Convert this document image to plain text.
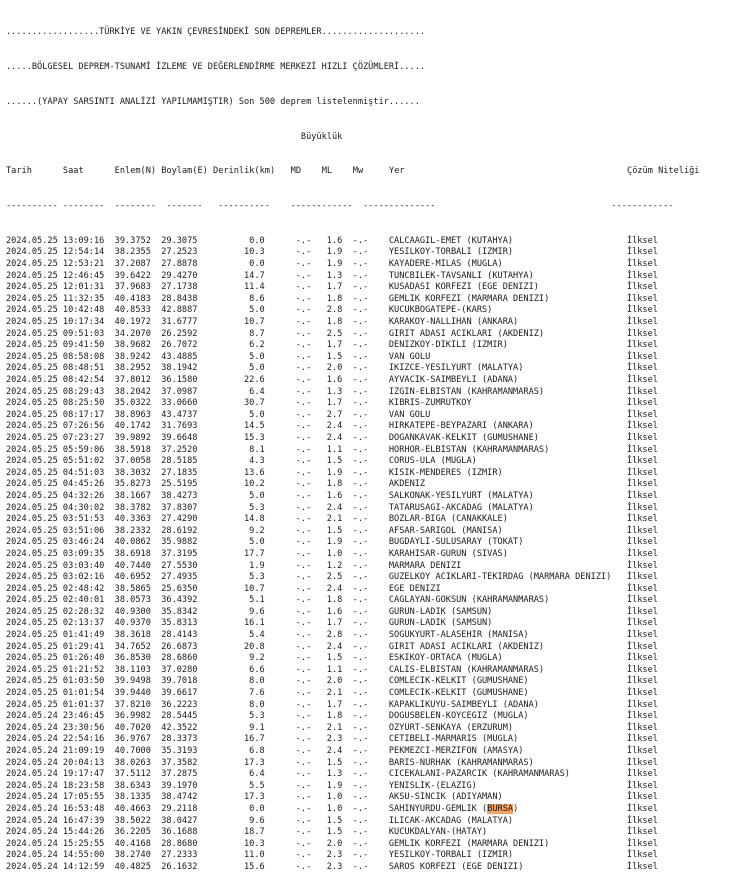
..................TÜRKİYE VE YAKIN ÇEVRESİNDEKİ SON DEPREMLER....................

.....BÖLGESEL DEPREM-TSUNAMİ İZLEME VE DEĞERLENDİRME MERKEZİ HIZLI ÇÖZÜMLERİ.....

......(YAPAY SARSINTI ANALİZİ YAPILMAMIŞTIR) Son 500 deprem listelenmiştir......

Büyüklük

Tarih	Saat	Enlem(N) Boylam(E) Derinlik(km) MD ML Mw	Yer	Çözüm Niteliği

---------- --------  --------  -------   ----------    ------------  --------------                                  ------------

2024.05.25 13:09:16  39.3752  29.3075          0.0      -.-   1.6  -.-    CALCAAGIL-EMET (KUTAHYA)	İlksel
2024.05.25 12:54:14  38.2355  27.2523         10.3      -.-   1.9  -.-    YESILKOY-TORBALI (IZMIR)	İlksel
2024.05.25 12:53:21  37.2087  27.8878          0.0      -.-   1.9  -.-    KAYADERE-MILAS (MUGLA)	İlksel
2024.05.25 12:46:45  39.6422  29.4270         14.7      -.-   1.3  -.-    TUNCBILEK-TAVSANLI (KUTAHYA)	İlksel
2024.05.25 12:01:31  37.9683  27.1738         11.4      -.-   1.7  -.-    KUSADASI KORFEZI (EGE DENIZI)	İlksel
2024.05.25 11:32:35  40.4183  28.8438          8.6      -.-   1.8  -.-    GEMLIK KORFEZI (MARMARA DENIZI)	İlksel
2024.05.25 10:42:48  40.8533  42.8887          5.0      -.-   2.8  -.-    KUCUKBOGATEPE-(KARS)	İlksel
2024.05.25 10:17:34  40.1972  31.6777         10.7      -.-   1.8  -.-    KARAKOY-NALLIHAN (ANKARA)	İlksel
2024.05.25 09:51:03  34.2070  26.2592          8.7      -.-   2.5  -.-    GIRIT ADASI ACIKLARI (AKDENIZ)	İlksel
2024.05.25 09:41:50  38.9682  26.7072          6.2      -.-   1.7  -.-    DENIZKOY-DIKILI (IZMIR)	İlksel
2024.05.25 08:58:08  38.9242  43.4885          5.0      -.-   1.5  -.-    VAN GOLU	İlksel
2024.05.25 08:48:51  38.2952  38.1942          5.0      -.-   2.0  -.-    IKIZCE-YESILYURT (MALATYA)	İlksel
2024.05.25 08:42:54  37.8012  36.1580         22.6      -.-   1.6  -.-    AYVACIK-SAIMBEYLI (ADANA)	İlksel
2024.05.25 08:29:43  38.2042  37.0987          6.4      -.-   1.3  -.-    IZGIN-ELBISTAN (KAHRAMANMARAS)	İlksel
2024.05.25 08:25:50  35.0322  33.0660         30.7      -.-   1.7  -.-    KIBRIS-ZUMRUTKOY	İlksel
2024.05.25 08:17:17  38.8963  43.4737          5.0      -.-   2.7  -.-    VAN GOLU	İlksel
2024.05.25 07:26:56  40.1742  31.7693         14.5      -.-   2.4  -.-    HIRKATEPE-BEYPAZARI (ANKARA)	İlksel
2024.05.25 07:23:27  39.9892  39.6648         15.3      -.-   2.4  -.-    DOGANKAVAK-KELKIT (GUMUSHANE)	İlksel
2024.05.25 05:59:06  38.5918  37.2520          8.1      -.-   1.1  -.-    HORHOR-ELBISTAN (KAHRAMANMARAS)	İlksel
2024.05.25 05:51:02  37.0058  28.5185          4.3      -.-   1.5  -.-    CORUS-ULA (MUGLA)	İlksel
2024.05.25 04:51:03  38.3032  27.1835         13.6      -.-   1.9  -.-    KISIK-MENDERES (IZMIR)	İlksel
2024.05.25 04:45:26  35.8273  25.5195         10.2      -.-   1.8  -.-    AKDENIZ	İlksel
2024.05.25 04:32:26  38.1667  38.4273          5.0      -.-   1.6  -.-    SALKONAK-YESILYURT (MALATYA)	İlksel
2024.05.25 04:30:02  38.3782  37.8307          5.3      -.-   2.4  -.-    TATARUSAGI-AKCADAG (MALATYA)	İlksel
2024.05.25 03:51:53  40.3363  27.4290         14.8      -.-   2.1  -.-    BOZLAR-BIGA (CANAKKALE)	İlksel
2024.05.25 03:51:06  38.2332  28.6192          9.2      -.-   1.5  -.-    AFSAR-SARIGOL (MANISA)	İlksel
2024.05.25 03:46:24  40.0862  35.9882          5.0      -.-   1.9  -.-    BUGDAYLI-SULUSARAY (TOKAT)	İlksel
2024.05.25 03:09:35  38.6918  37.3195         17.7      -.-   1.0  -.-    KARAHISAR-GURUN (SIVAS)	İlksel
2024.05.25 03:03:40  40.7440  27.5530          1.9      -.-   1.2  -.-    MARMARA DENIZI	İlksel
2024.05.25 03:02:16  40.6952  27.4935          5.3      -.-   2.5  -.-    GUZELKOY ACIKLARI-TEKIRDAG (MARMARA DENIZI) İlksel
2024.05.25 02:48:42  38.5865  25.6350         10.7      -.-   2.4  -.-    EGE DENIZI	İlksel
2024.05.25 02:40:01  38.0573  36.4392          5.1      -.-   1.8  -.-    CAGLAYAN-GOKSUN (KAHRAMANMARAS)	İlksel
2024.05.25 02:28:32  40.9300  35.8342          9.6      -.-   1.6  -.-    GURUN-LADIK (SAMSUN)	İlksel
2024.05.25 02:13:37  40.9370  35.8313         16.1      -.-   1.7  -.-    GURUN-LADIK (SAMSUN)	İlksel
2024.05.25 01:41:49  38.3618  28.4143          5.4      -.-   2.8  -.-    SOGUKYURT-ALASEHIR (MANISA)	İlksel
2024.05.25 01:29:41  34.7652  26.6873         20.8      -.-   2.4  -.-    GIRIT ADASI ACIKLARI (AKDENIZ)	İlksel
2024.05.25 01:26:40  36.8530  28.6860          9.2      -.-   1.5  -.-    ESKIKOY-ORTACA (MUGLA)	İlksel
2024.05.25 01:21:52  38.1103  37.0280          6.6      -.-   1.1  -.-    CALIS-ELBISTAN (KAHRAMANMARAS)	İlksel
2024.05.25 01:03:50  39.9498  39.7018          8.0      -.-   2.0  -.-    COMLECIK-KELKIT (GUMUSHANE)	İlksel
2024.05.25 01:01:54  39.9440  39.6617          7.6      -.-   2.1  -.-    COMLECIK-KELKIT (GUMUSHANE)	İlksel
2024.05.25 01:01:37  37.8210  36.2223          8.0      -.-   1.7  -.-    KAPAKLIKUYU-SAIMBEYLI (ADANA)	İlksel
2024.05.24 23:46:45  36.9982  28.5445          5.3      -.-   1.8  -.-    DOGUSBELEN-KOYCEGIZ (MUGLA)	İlksel
2024.05.24 23:30:56  40.7020  42.3522          9.1      -.-   2.1  -.-    OZYURT-SENKAYA (ERZURUM)	İlksel
2024.05.24 22:54:16  36.9767  28.3373         16.7      -.-   2.3  -.-    CETIBELI-MARMARIS (MUGLA)	İlksel
2024.05.24 21:09:19  40.7000  35.3193          6.8      -.-   2.4  -.-    PEKMEZCI-MERZIFON (AMASYA)	İlksel
2024.05.24 20:04:13  38.0263  37.3582         17.3      -.-   1.5  -.-    BARIS-NURHAK (KAHRAMANMARAS)	İlksel
2024.05.24 19:17:47  37.5112  37.2875          6.4      -.-   1.3  -.-    CICEKALANI-PAZARCIK (KAHRAMANMARAS)	İlksel
2024.05.24 18:23:58  38.6343  39.1970          5.5      -.-   1.9  -.-    YENISLIK-(ELAZIG)	İlksel
2024.05.24 17:05:55  38.1335  38.4742         17.3      -.-   1.0  -.-    AKSU-SINCIK (ADIYAMAN)	İlksel
2024.05.24 16:53:48  40.4663  29.2118          0.0      -.-   1.0  -.-    SAHINYURDU-GEMLIK (BURSA)	İlksel
2024.05.24 16:47:39  38.5022  38.0427          9.6      -.-   1.5  -.-    ILICAK-AKCADAG (MALATYA)	İlksel
2024.05.24 15:44:26  36.2205  36.1688         18.7      -.-   1.5  -.-    KUCUKDALYAN-(HATAY)	İlksel
2024.05.24 15:25:55  40.4168  28.8680         10.3      -.-   2.0  -.-    GEMLIK KORFEZI (MARMARA DENIZI)	İlksel
2024.05.24 14:55:00  38.2740  27.2333         11.0      -.-   2.3  -.-    YESILKOY-TORBALI (IZMIR)	İlksel
2024.05.24 14:12:59  40.4825  26.1632         15.6      -.-   2.3  -.-    SAROS KORFEZI (EGE DENIZI)	İlksel
